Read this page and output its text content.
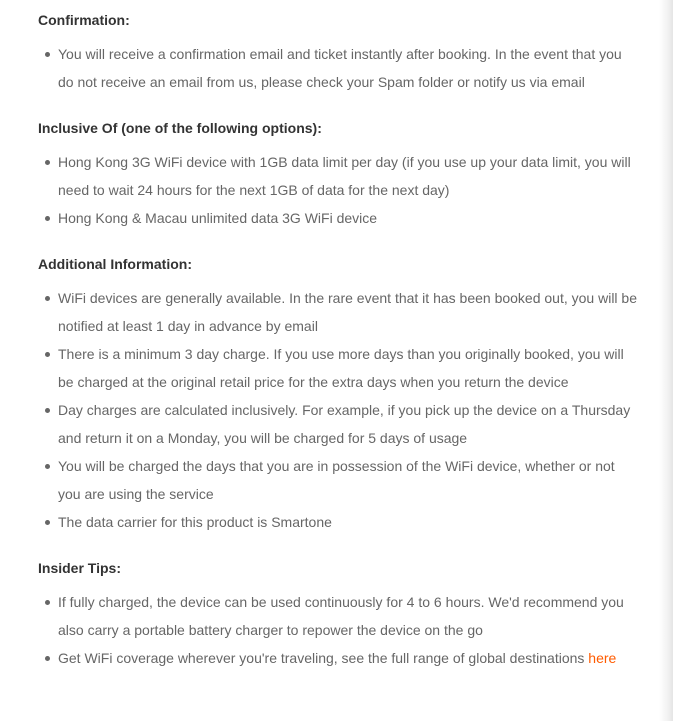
Confirmation:
You will receive a confirmation email and ticket instantly after booking. In the event that you do not receive an email from us, please check your Spam folder or notify us via email
Inclusive Of (one of the following options):
Hong Kong 3G WiFi device with 1GB data limit per day (if you use up your data limit, you will need to wait 24 hours for the next 1GB of data for the next day)
Hong Kong & Macau unlimited data 3G WiFi device
Additional Information:
WiFi devices are generally available. In the rare event that it has been booked out, you will be notified at least 1 day in advance by email
There is a minimum 3 day charge. If you use more days than you originally booked, you will be charged at the original retail price for the extra days when you return the device
Day charges are calculated inclusively. For example, if you pick up the device on a Thursday and return it on a Monday, you will be charged for 5 days of usage
You will be charged the days that you are in possession of the WiFi device, whether or not you are using the service
The data carrier for this product is Smartone
Insider Tips:
If fully charged, the device can be used continuously for 4 to 6 hours. We'd recommend you also carry a portable battery charger to repower the device on the go
Get WiFi coverage wherever you're traveling, see the full range of global destinations here
